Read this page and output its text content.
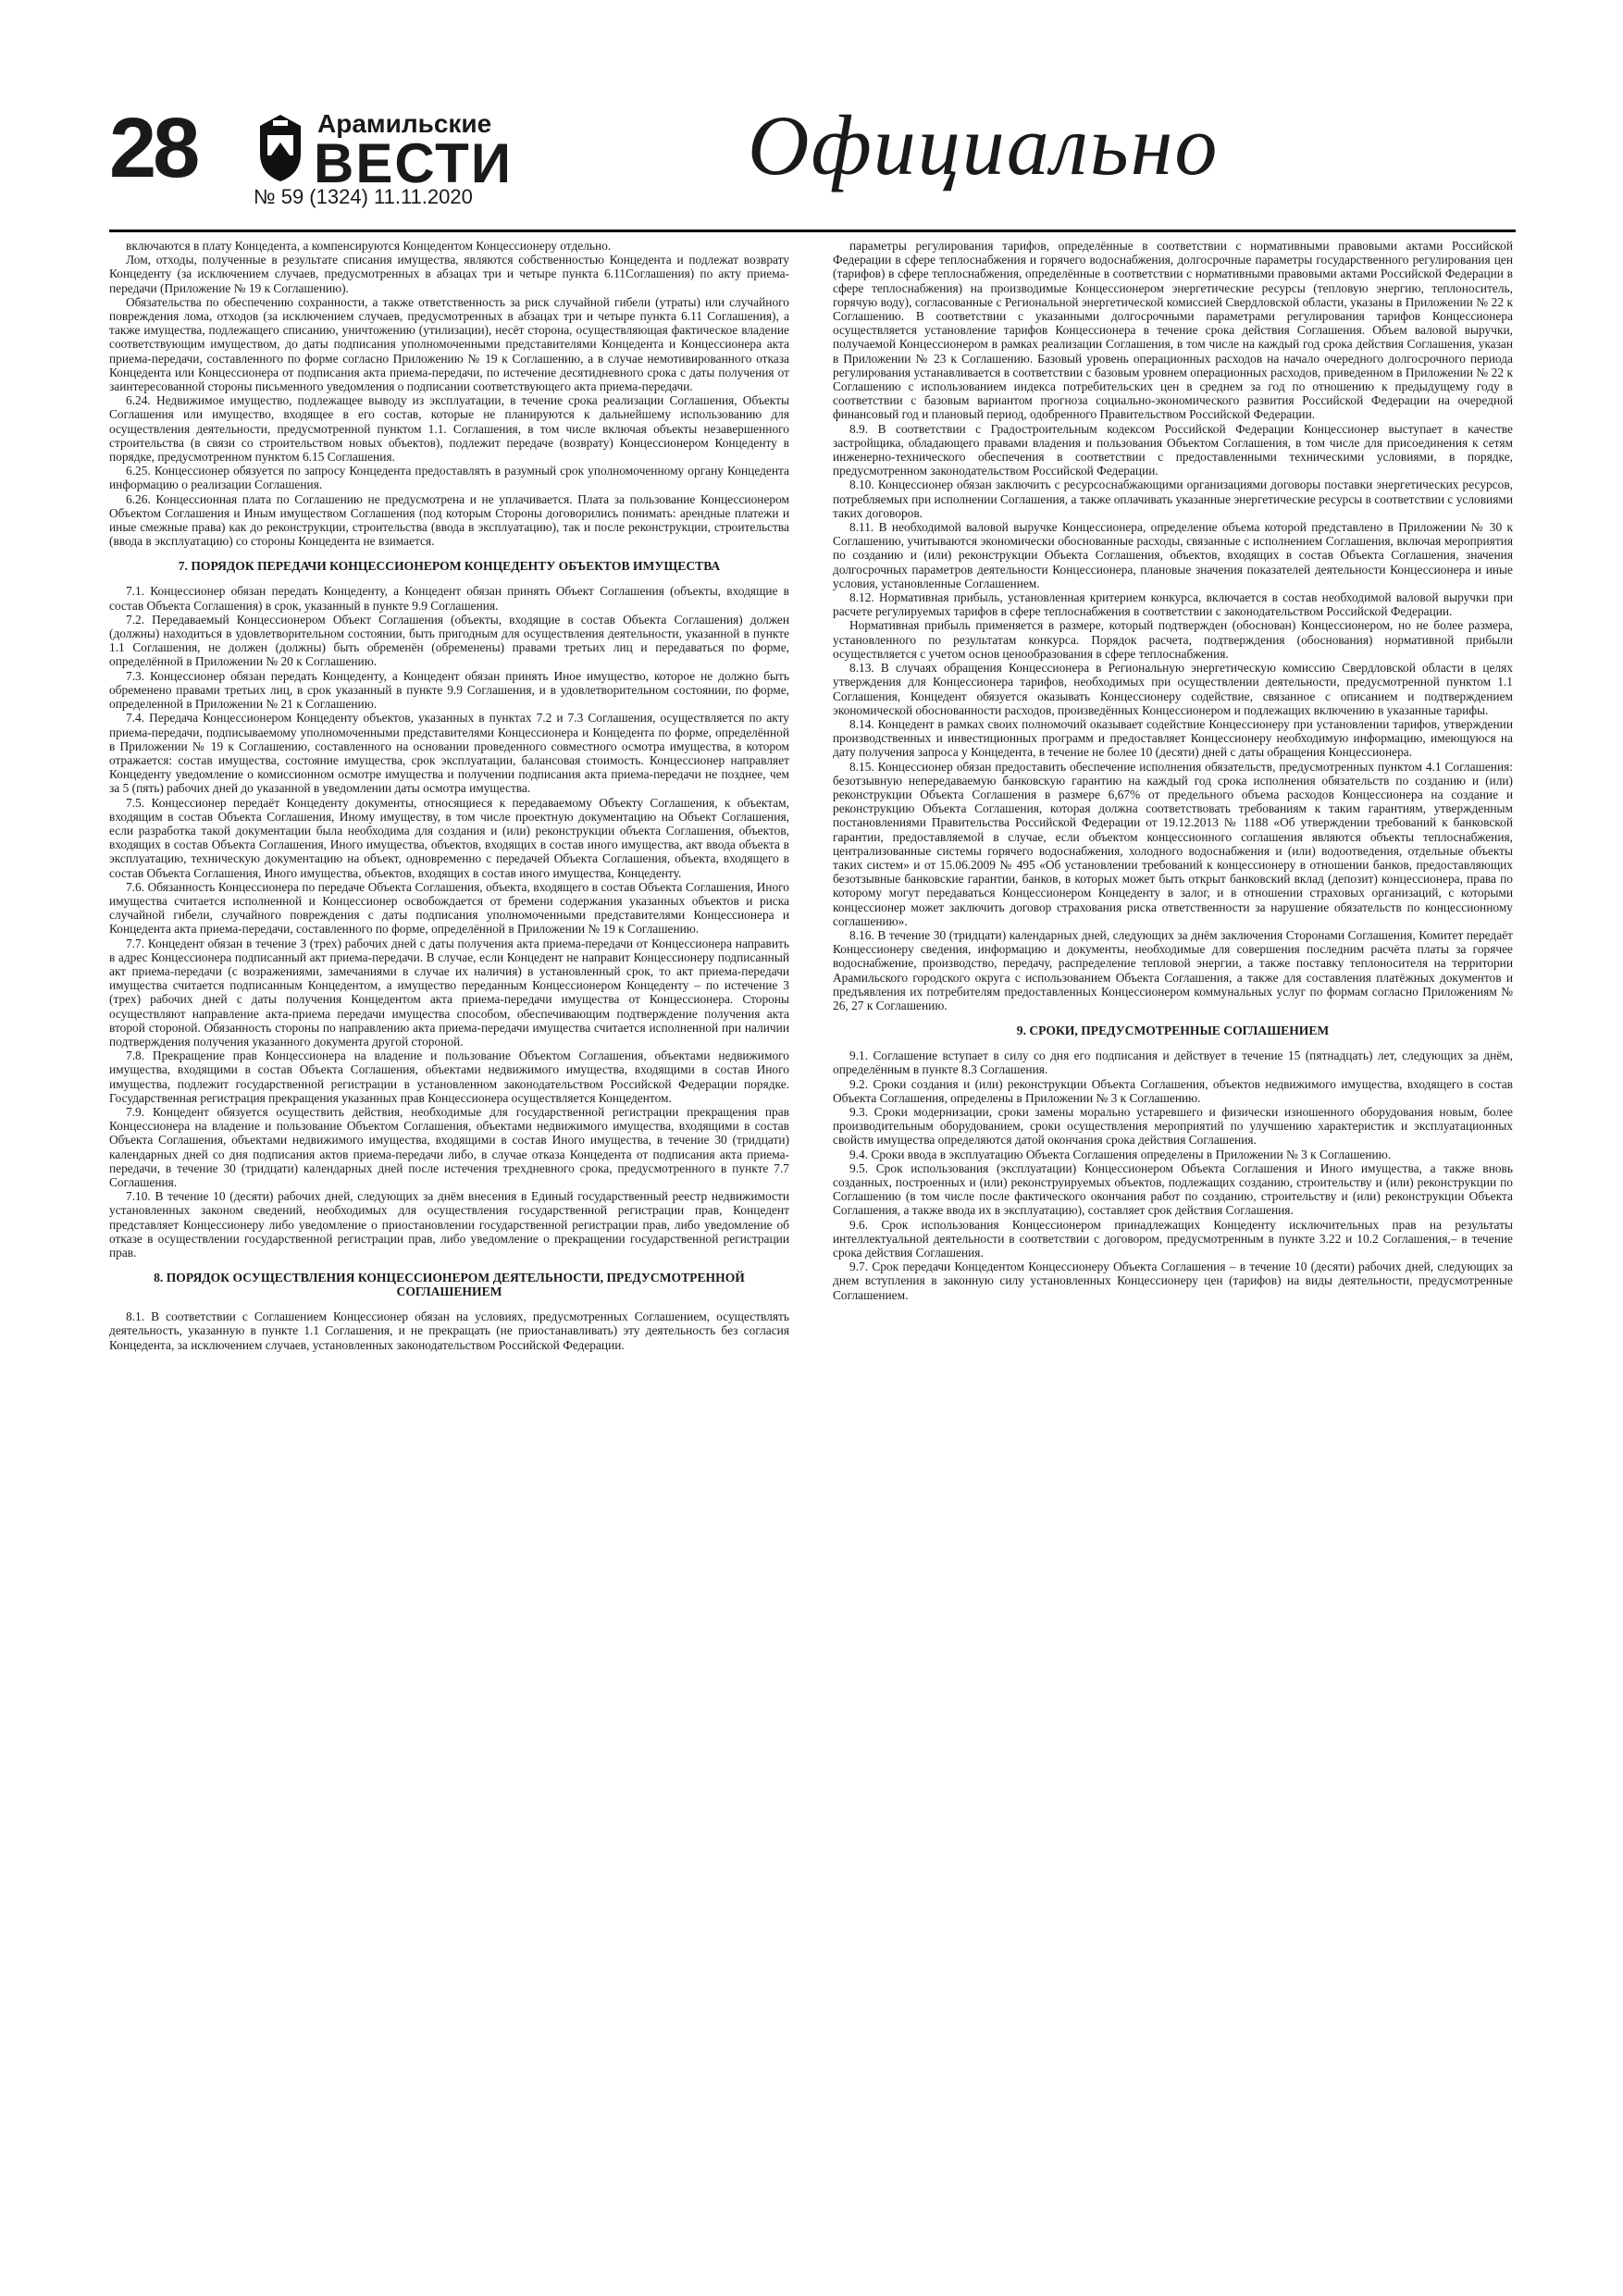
28	Арамильские
ВЕСТИ
№ 59 (1324) 11.11.2020
Официально

включаются в плату Концедента, а компенсируются Концедентом Концессионеру отдельно.

Лом, отходы, полученные в результате списания имущества, являются собственностью Концедента и подлежат возврату Концеденту (за исключением случаев, предусмотренных в абзацах три и четыре пункта 6.11Соглашения) по акту приема-передачи (Приложение № 19 к Соглашению).

Обязательства по обеспечению сохранности, а также ответственность за риск случайной гибели (утраты) или случайного повреждения лома, отходов (за исключением случаев, предусмотренных в абзацах три и четыре пункта 6.11 Соглашения), а также имущества, подлежащего списанию, уничтожению (утилизации), несёт сторона, осуществляющая фактическое владение соответствующим имуществом, до даты подписания уполномоченными представителями Концедента и Концессионера акта приема-передачи, составленного по форме согласно Приложению № 19 к Соглашению, а в случае немотивированного отказа Концедента или Концессионера от подписания акта приема-передачи, по истечение десятидневного срока с даты получения от заинтересованной стороны письменного уведомления о подписании соответствующего акта приема-передачи.

6.24. Недвижимое имущество, подлежащее выводу из эксплуатации, в течение срока реализации Соглашения, Объекты Соглашения или имущество, входящее в его состав, которые не планируются к дальнейшему использованию для осуществления деятельности, предусмотренной пунктом 1.1. Соглашения, в том числе включая объекты незавершенного строительства (в связи со строительством новых объектов), подлежит передаче (возврату) Концессионером Концеденту в порядке, предусмотренном пунктом 6.15 Соглашения.

6.25. Концессионер обязуется по запросу Концедента предоставлять в разумный срок уполномоченному органу Концедента информацию о реализации Соглашения.

6.26. Концессионная плата по Соглашению не предусмотрена и не уплачивается. Плата за пользование Концессионером Объектом Соглашения и Иным имуществом Соглашения (под которым Стороны договорились понимать: арендные платежи и иные смежные права) как до реконструкции, строительства (ввода в эксплуатацию), так и после реконструкции, строительства (ввода в эксплуатацию) со стороны Концедента не взимается.

7. ПОРЯДОК ПЕРЕДАЧИ КОНЦЕССИОНЕРОМ КОНЦЕДЕНТУ ОБЪЕКТОВ ИМУЩЕСТВА

7.1. Концессионер обязан передать Концеденту, а Концедент обязан принять Объект Соглашения (объекты, входящие в состав Объекта Соглашения) в срок, указанный в пункте 9.9 Соглашения.

7.2. Передаваемый Концессионером Объект Соглашения (объекты, входящие в состав Объекта Соглашения) должен (должны) находиться в удовлетворительном состоянии, быть пригодным для осуществления деятельности, указанной в пункте 1.1 Соглашения, не должен (должны) быть обременён (обременены) правами третьих лиц и передаваться по форме, определённой в Приложении № 20 к Соглашению.

7.3. Концессионер обязан передать Концеденту, а Концедент обязан принять Иное имущество, которое не должно быть обременено правами третьих лиц, в срок указанный в пункте 9.9 Соглашения, и в удовлетворительном состоянии, по форме, определенной в Приложении № 21 к Соглашению.

7.4. Передача Концессионером Концеденту объектов, указанных в пунктах 7.2 и 7.3 Соглашения, осуществляется по акту приема-передачи, подписываемому уполномоченными представителями Концессионера и Концедента по форме, определённой в Приложении № 19 к Соглашению, составленного на основании проведенного совместного осмотра имущества, в котором отражается: состав имущества, состояние имущества, срок эксплуатации, балансовая стоимость. Концессионер направляет Концеденту уведомление о комиссионном осмотре имущества и получении подписания акта приема-передачи не позднее, чем за 5 (пять) рабочих дней до указанной в уведомлении даты осмотра имущества.

7.5. Концессионер передаёт Концеденту документы, относящиеся к передаваемому Объекту Соглашения, к объектам, входящим в состав Объекта Соглашения, Иному имуществу, в том числе проектную документацию на Объект Соглашения, если разработка такой документации была необходима для создания и (или) реконструкции объекта Соглашения, объектов, входящих в состав Объекта Соглашения, Иного имущества, объектов, входящих в состав иного имущества, акт ввода объекта в эксплуатацию, техническую документацию на объект, одновременно с передачей Объекта Соглашения, объекта, входящего в состав Объекта Соглашения, Иного имущества, объектов, входящих в состав иного имущества, Концеденту.

7.6. Обязанность Концессионера по передаче Объекта Соглашения, объекта, входящего в состав Объекта Соглашения, Иного имущества считается исполненной и Концессионер освобождается от бремени содержания указанных объектов и риска случайной гибели, случайного повреждения с даты подписания уполномоченными представителями Концессионера и Концедента акта приема-передачи, составленного по форме, определённой в Приложении № 19 к Соглашению.

7.7. Концедент обязан в течение 3 (трех) рабочих дней с даты получения акта приема-передачи от Концессионера направить в адрес Концессионера подписанный акт приема-передачи. В случае, если Концедент не направит Концессионеру подписанный акт приема-передачи (с возражениями, замечаниями в случае их наличия) в установленный срок, то акт приема-передачи имущества считается подписанным Концедентом, а имущество переданным Концессионером Концеденту – по истечение 3 (трех) рабочих дней с даты получения Концедентом акта приема-передачи имущества от Концессионера. Стороны осуществляют направление акта-приема передачи имущества способом, обеспечивающим подтверждение получения акта второй стороной. Обязанность стороны по направлению акта приема-передачи имущества считается исполненной при наличии подтверждения получения указанного документа другой стороной.

7.8. Прекращение прав Концессионера на владение и пользование Объектом Соглашения, объектами недвижимого имущества, входящими в состав Объекта Соглашения, объектами недвижимого имущества, входящими в состав Иного имущества, подлежит государственной регистрации в установленном законодательством Российской Федерации порядке. Государственная регистрация прекращения указанных прав Концессионера осуществляется Концедентом.

7.9. Концедент обязуется осуществить действия, необходимые для государственной регистрации прекращения прав Концессионера на владение и пользование Объектом Соглашения, объектами недвижимого имущества, входящими в состав Объекта Соглашения, объектами недвижимого имущества, входящими в состав Иного имущества, в течение 30 (тридцати) календарных дней со дня подписания актов приема-передачи либо, в случае отказа Концедента от подписания акта приема-передачи, в течение 30 (тридцати) календарных дней после истечения трехдневного срока, предусмотренного в пункте 7.7 Соглашения.

7.10. В течение 10 (десяти) рабочих дней, следующих за днём внесения в Единый государственный реестр недвижимости установленных законом сведений, необходимых для осуществления государственной регистрации прав, Концедент представляет Концессионеру либо уведомление о приостановлении государственной регистрации прав, либо уведомление об отказе в осуществлении государственной регистрации прав, либо уведомление о прекращении государственной регистрации прав.

8. ПОРЯДОК ОСУЩЕСТВЛЕНИЯ КОНЦЕССИОНЕРОМ ДЕЯТЕЛЬНОСТИ, ПРЕДУСМОТРЕННОЙ СОГЛАШЕНИЕМ

8.1. В соответствии с Соглашением Концессионер обязан на условиях, предусмотренных Соглашением, осуществлять деятельность, указанную в пункте 1.1 Соглашения, и не прекращать (не приостанавливать) эту деятельность без согласия Концедента, за исключением случаев, установленных законодательством Российской Федерации.

параметры регулирования тарифов, определённые в соответствии с нормативными правовыми актами Российской Федерации в сфере теплоснабжения и горячего водоснабжения, долгосрочные параметры государственного регулирования цен (тарифов) в сфере теплоснабжения, определённые в соответствии с нормативными правовыми актами Российской Федерации в сфере теплоснабжения) на производимые Концессионером энергетические ресурсы (тепловую энергию, теплоноситель, горячую воду), согласованные с Региональной энергетической комиссией Свердловской области, указаны в Приложении № 22 к Соглашению. В соответствии с указанными долгосрочными параметрами регулирования тарифов Концессионера осуществляется установление тарифов Концессионера в течение срока действия Соглашения. Объем валовой выручки, получаемой Концессионером в рамках реализации Соглашения, в том числе на каждый год срока действия Соглашения, указан в Приложении № 23 к Соглашению. Базовый уровень операционных расходов на начало очередного долгосрочного периода регулирования устанавливается в соответствии с базовым уровнем операционных расходов, приведенном в Приложении № 22 к Соглашению с использованием индекса потребительских цен в среднем за год по отношению к предыдущему году в соответствии с базовым вариантом прогноза социально-экономического развития Российской Федерации на очередной финансовый год и плановый период, одобренного Правительством Российской Федерации.

8.9. В соответствии с Градостроительным кодексом Российской Федерации Концессионер выступает в качестве застройщика, обладающего правами владения и пользования Объектом Соглашения, в том числе для присоединения к сетям инженерно-технического обеспечения в соответствии с предоставленными техническими условиями, в порядке, предусмотренном законодательством Российской Федерации.

8.10. Концессионер обязан заключить с ресурсоснабжающими организациями договоры поставки энергетических ресурсов, потребляемых при исполнении Соглашения, а также оплачивать указанные энергетические ресурсы в соответствии с условиями таких договоров.

8.11. В необходимой валовой выручке Концессионера, определение объема которой представлено в Приложении № 30 к Соглашению, учитываются экономически обоснованные расходы, связанные с исполнением Соглашения, включая мероприятия по созданию и (или) реконструкции Объекта Соглашения, объектов, входящих в состав Объекта Соглашения, значения долгосрочных параметров деятельности Концессионера, плановые значения показателей деятельности Концессионера и иные условия, установленные Соглашением.

8.12. Нормативная прибыль, установленная критерием конкурса, включается в состав необходимой валовой выручки при расчете регулируемых тарифов в сфере теплоснабжения в соответствии с законодательством Российской Федерации.

Нормативная прибыль применяется в размере, который подтвержден (обоснован) Концессионером, но не более размера, установленного по результатам конкурса. Порядок расчета, подтверждения (обоснования) нормативной прибыли осуществляется с учетом основ ценообразования в сфере теплоснабжения.

8.13. В случаях обращения Концессионера в Региональную энергетическую комиссию Свердловской области в целях утверждения для Концессионера тарифов, необходимых при осуществлении деятельности, предусмотренной пунктом 1.1 Соглашения, Концедент обязуется оказывать Концессионеру содействие, связанное с описанием и подтверждением экономической обоснованности расходов, произведённых Концессионером и подлежащих включению в указанные тарифы.

8.14. Концедент в рамках своих полномочий оказывает содействие Концессионеру при установлении тарифов, утверждении производственных и инвестиционных программ и предоставляет Концессионеру необходимую информацию, имеющуюся на дату получения запроса у Концедента, в течение не более 10 (десяти) дней с даты обращения Концессионера.

8.15. Концессионер обязан предоставить обеспечение исполнения обязательств, предусмотренных пунктом 4.1 Соглашения: безотзывную непередаваемую банковскую гарантию на каждый год срока исполнения обязательств по созданию и (или) реконструкции Объекта Соглашения в размере 6,67% от предельного объема расходов Концессионера на создание и реконструкцию Объекта Соглашения, которая должна соответствовать требованиям к таким гарантиям, утвержденным постановлениями Правительства Российской Федерации от 19.12.2013 № 1188 «Об утверждении требований к банковской гарантии, предоставляемой в случае, если объектом концессионного соглашения являются объекты теплоснабжения, централизованные системы горячего водоснабжения, холодного водоснабжения и (или) водоотведения, отдельные объекты таких систем» и от 15.06.2009 № 495 «Об установлении требований к концессионеру в отношении банков, предоставляющих безотзывные банковские гарантии, банков, в которых может быть открыт банковский вклад (депозит) концессионера, права по которому могут передаваться Концессионером Концеденту в залог, и в отношении страховых организаций, с которыми концессионер может заключить договор страхования риска ответственности за нарушение обязательств по концессионному соглашению».

8.16. В течение 30 (тридцати) календарных дней, следующих за днём заключения Сторонами Соглашения, Комитет передаёт Концессионеру сведения, информацию и документы, необходимые для совершения последним расчёта платы за горячее водоснабжение, производство, передачу, распределение тепловой энергии, а также поставку теплоносителя на территории Арамильского городского округа с использованием Объекта Соглашения, а также для составления платёжных документов и предъявления их потребителям предоставленных Концессионером коммунальных услуг по формам согласно Приложениям № 26, 27 к Соглашению.

9. СРОКИ, ПРЕДУСМОТРЕННЫЕ СОГЛАШЕНИЕМ

9.1. Соглашение вступает в силу со дня его подписания и действует в течение 15 (пятнадцать) лет, следующих за днём, определённым в пункте 8.3 Соглашения.

9.2. Сроки создания и (или) реконструкции Объекта Соглашения, объектов недвижимого имущества, входящего в состав Объекта Соглашения, определены в Приложении № 3 к Соглашению.

9.3. Сроки модернизации, сроки замены морально устаревшего и физически изношенного оборудования новым, более производительным оборудованием, сроки осуществления мероприятий по улучшению характеристик и эксплуатационных свойств имущества определяются датой окончания срока действия Соглашения.

9.4. Сроки ввода в эксплуатацию Объекта Соглашения определены в Приложении № 3 к Соглашению.

9.5. Срок использования (эксплуатации) Концессионером Объекта Соглашения и Иного имущества, а также вновь созданных, построенных и (или) реконструируемых объектов, подлежащих созданию, строительству и (или) реконструкции по Соглашению (в том числе после фактического окончания работ по созданию, строительству и (или) реконструкции Объекта Соглашения, а также ввода их в эксплуатацию), составляет срок действия Соглашения.

9.6. Срок использования Концессионером принадлежащих Концеденту исключительных прав на результаты интеллектуальной деятельности в соответствии с договором, предусмотренным в пункте 3.22 и 10.2 Соглашения,– в течение срока действия Соглашения.

9.7. Срок передачи Концедентом Концессионеру Объекта Соглашения – в течение 10 (десяти) рабочих дней, следующих за днем вступления в законную силу установленных Концессионеру цен (тарифов) на виды деятельности, предусмотренные Соглашением.
